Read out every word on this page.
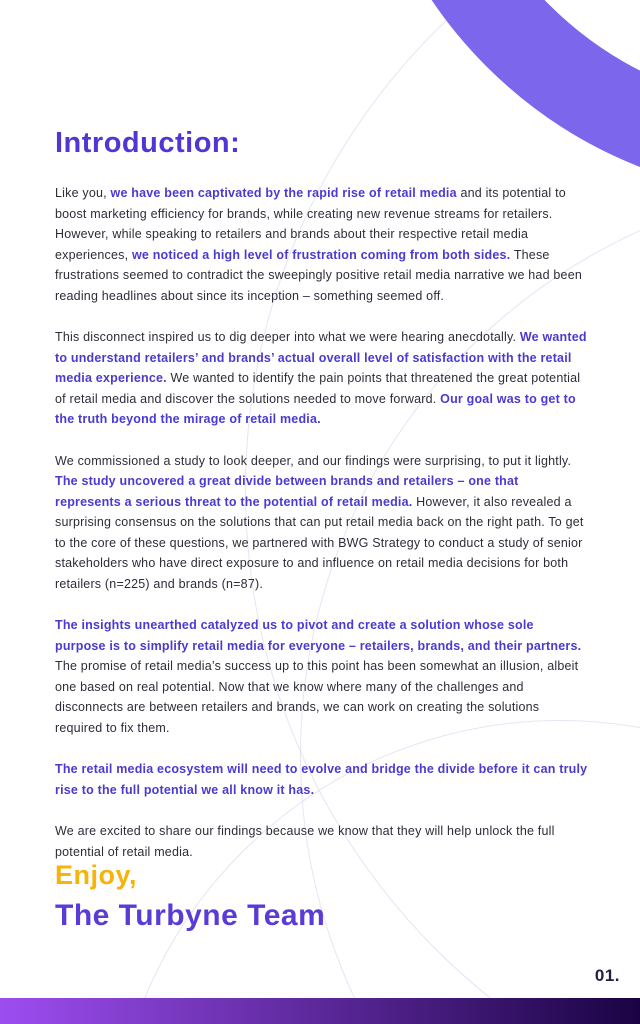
Introduction:

Like you, we have been captivated by the rapid rise of retail media and its potential to boost marketing efficiency for brands, while creating new revenue streams for retailers. However, while speaking to retailers and brands about their respective retail media experiences, we noticed a high level of frustration coming from both sides. These frustrations seemed to contradict the sweepingly positive retail media narrative we had been reading headlines about since its inception – something seemed off.

This disconnect inspired us to dig deeper into what we were hearing anecdotally. We wanted to understand retailers’ and brands’ actual overall level of satisfaction with the retail media experience. We wanted to identify the pain points that threatened the great potential of retail media and discover the solutions needed to move forward. Our goal was to get to the truth beyond the mirage of retail media.

We commissioned a study to look deeper, and our findings were surprising, to put it lightly. The study uncovered a great divide between brands and retailers – one that represents a serious threat to the potential of retail media. However, it also revealed a surprising consensus on the solutions that can put retail media back on the right path. To get to the core of these questions, we partnered with BWG Strategy to conduct a study of senior stakeholders who have direct exposure to and influence on retail media decisions for both retailers (n=225) and brands (n=87).

The insights unearthed catalyzed us to pivot and create a solution whose sole purpose is to simplify retail media for everyone – retailers, brands, and their partners. The promise of retail media’s success up to this point has been somewhat an illusion, albeit one based on real potential. Now that we know where many of the challenges and disconnects are between retailers and brands, we can work on creating the solutions required to fix them.

The retail media ecosystem will need to evolve and bridge the divide before it can truly rise to the full potential we all know it has.

We are excited to share our findings because we know that they will help unlock the full potential of retail media.

Enjoy,
The Turbyne Team
01.
